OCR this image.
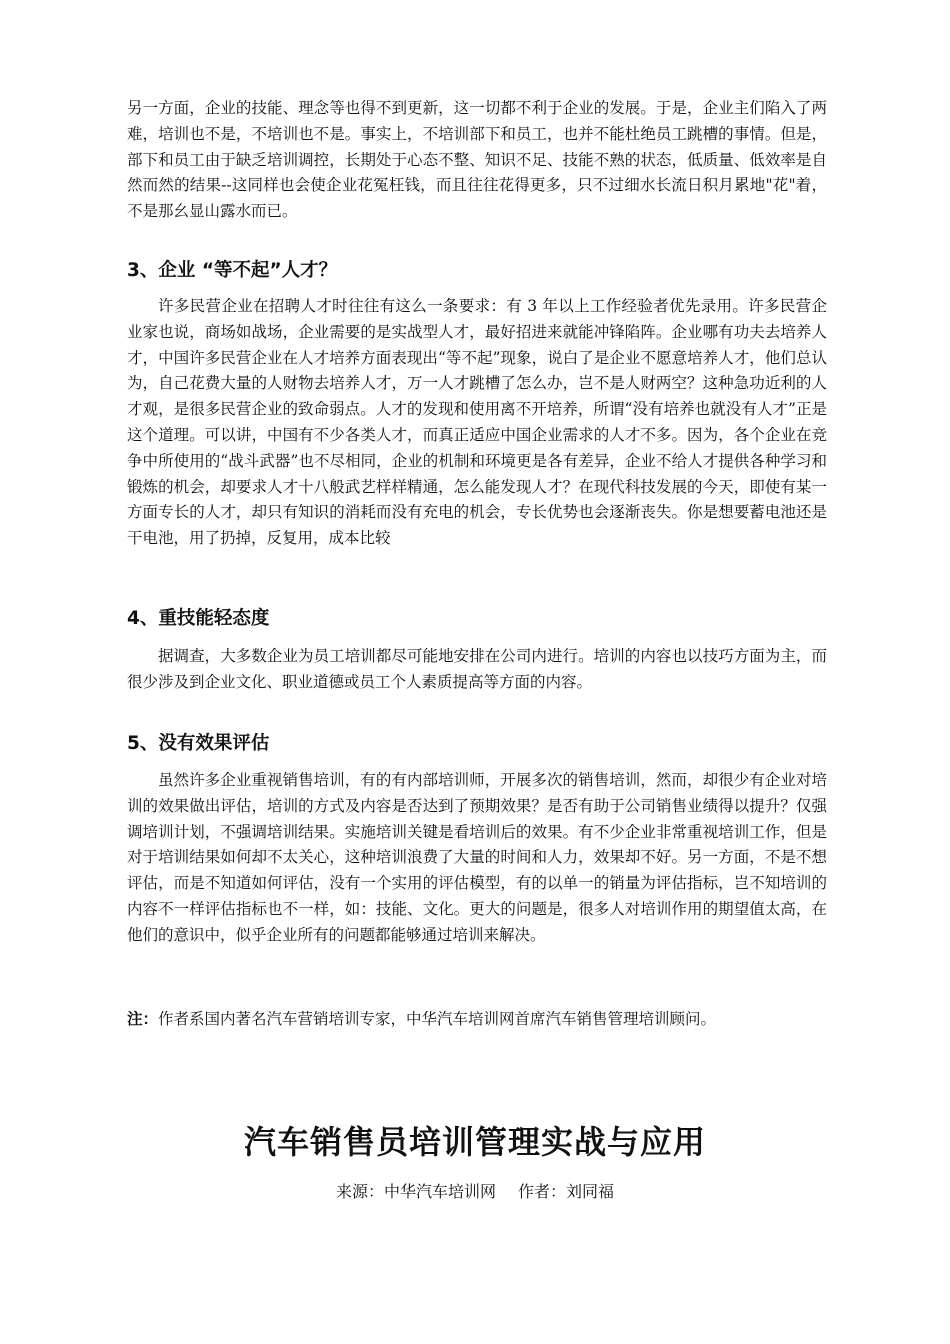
另一方面，企业的技能、理念等也得不到更新，这一切都不利于企业的发展。于是，企业主们陷入了两难，培训也不是，不培训也不是。事实上，不培训部下和员工，也并不能杜绝员工跳槽的事情。但是，部下和员工由于缺乏培训调控，长期处于心态不整、知识不足、技能不熟的状态，低质量、低效率是自然而然的结果--这同样也会使企业花冤枉钱，而且往往花得更多，只不过细水长流日积月累地"花"着，不是那幺显山露水而已。

3、企业 “等不起”人才？

许多民营企业在招聘人才时往往有这么一条要求：有 3 年以上工作经验者优先录用。许多民营企业家也说，商场如战场，企业需要的是实战型人才，最好招进来就能冲锋陷阵。企业哪有功夫去培养人才，中国许多民营企业在人才培养方面表现出“等不起”现象，说白了是企业不愿意培养人才，他们总认为，自己花费大量的人财物去培养人才，万一人才跳槽了怎么办，岂不是人财两空？这种急功近利的人才观，是很多民营企业的致命弱点。人才的发现和使用离不开培养，所谓“没有培养也就没有人才”正是这个道理。可以讲，中国有不少各类人才，而真正适应中国企业需求的人才不多。因为，各个企业在竞争中所使用的“战斗武器”也不尽相同，企业的机制和环境更是各有差异，企业不给人才提供各种学习和锻炼的机会，却要求人才十八般武艺样样精通，怎么能发现人才？在现代科技发展的今天，即使有某一方面专长的人才，却只有知识的消耗而没有充电的机会，专长优势也会逐渐丧失。你是想要蓄电池还是干电池，用了扔掉，反复用，成本比较

4、重技能轻态度

据调查，大多数企业为员工培训都尽可能地安排在公司内进行。培训的内容也以技巧方面为主，而很少涉及到企业文化、职业道德或员工个人素质提高等方面的内容。

5、没有效果评估

虽然许多企业重视销售培训，有的有内部培训师，开展多次的销售培训，然而，却很少有企业对培训的效果做出评估，培训的方式及内容是否达到了预期效果？是否有助于公司销售业绩得以提升？仅强调培训计划，不强调培训结果。实施培训关键是看培训后的效果。有不少企业非常重视培训工作，但是对于培训结果如何却不太关心，这种培训浪费了大量的时间和人力，效果却不好。另一方面，不是不想评估，而是不知道如何评估，没有一个实用的评估模型，有的以单一的销量为评估指标，岂不知培训的内容不一样评估指标也不一样，如：技能、文化。更大的问题是，很多人对培训作用的期望值太高，在他们的意识中，似乎企业所有的问题都能够通过培训来解决。

注：作者系国内著名汽车营销培训专家，中华汽车培训网首席汽车销售管理培训顾问。

汽车销售员培训管理实战与应用

来源：中华汽车培训网 作者：刘同福
